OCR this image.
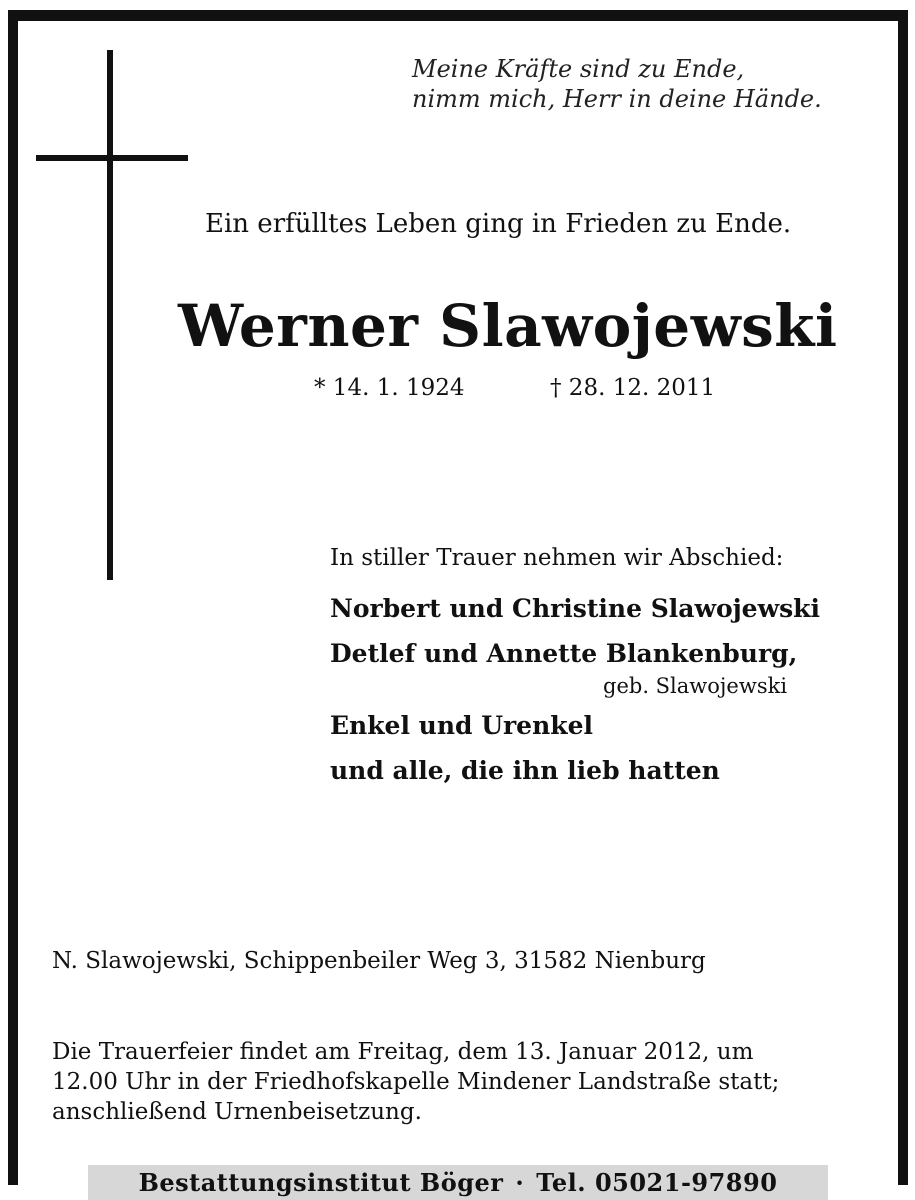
Meine Kräfte sind zu Ende,
nimm mich, Herr in deine Hände.
Ein erfülltes Leben ging in Frieden zu Ende.
Werner Slawojewski
* 14. 1. 1924	† 28. 12. 2011
In stiller Trauer nehmen wir Abschied:
Norbert und Christine Slawojewski
Detlef und Annette Blankenburg,
geb. Slawojewski
Enkel und Urenkel
und alle, die ihn lieb hatten
N. Slawojewski, Schippenbeiler Weg 3, 31582 Nienburg
Die Trauerfeier findet am Freitag, dem 13. Januar 2012, um
12.00 Uhr in der Friedhofskapelle Mindener Landstraße statt;
anschließend Urnenbeisetzung.
Bestattungsinstitut Böger · Tel. 05021-97890
